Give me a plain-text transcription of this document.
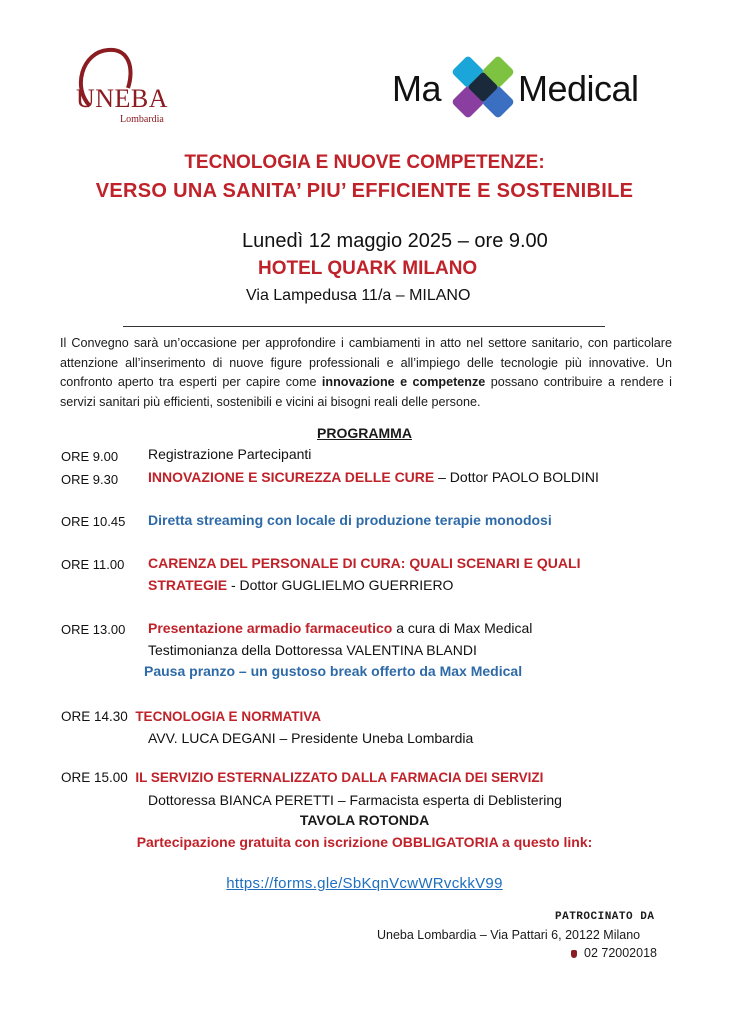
UNEBA
Lombardia
Ma Medical
TECNOLOGIA E NUOVE COMPETENZE:
VERSO UNA SANITA’ PIU’ EFFICIENTE E SOSTENIBILE
Lunedì 12 maggio 2025 – ore 9.00
HOTEL QUARK MILANO
Via Lampedusa 11/a – MILANO
Il Convegno sarà un’occasione per approfondire i cambiamenti in atto nel settore sanitario, con particolare attenzione all’inserimento di nuove figure professionali e all’impiego delle tecnologie più innovative. Un confronto aperto tra esperti per capire come innovazione e competenze possano contribuire a rendere i servizi sanitari più efficienti, sostenibili e vicini ai bisogni reali delle persone.
PROGRAMMA
ORE 9.00 Registrazione Partecipanti
ORE 9.30 INNOVAZIONE E SICUREZZA DELLE CURE – Dottor PAOLO BOLDINI
ORE 10.45 Diretta streaming con locale di produzione terapie monodosi
ORE 11.00 CARENZA DEL PERSONALE DI CURA: QUALI SCENARI E QUALI
STRATEGIE - Dottor GUGLIELMO GUERRIERO
ORE 13.00 Presentazione armadio farmaceutico a cura di Max Medical
Testimonianza della Dottoressa VALENTINA BLANDI
Pausa pranzo – un gustoso break offerto da Max Medical
ORE 14.30 TECNOLOGIA E NORMATIVA
AVV. LUCA DEGANI – Presidente Uneba Lombardia
ORE 15.00 IL SERVIZIO ESTERNALIZZATO DALLA FARMACIA DEI SERVIZI
Dottoressa BIANCA PERETTI – Farmacista esperta di Deblistering
TAVOLA ROTONDA
Partecipazione gratuita con iscrizione OBBLIGATORIA a questo link:
https://forms.gle/SbKqnVcwWRvckkV99
PATROCINATO DA
Uneba Lombardia – Via Pattari 6, 20122 Milano
02 72002018
